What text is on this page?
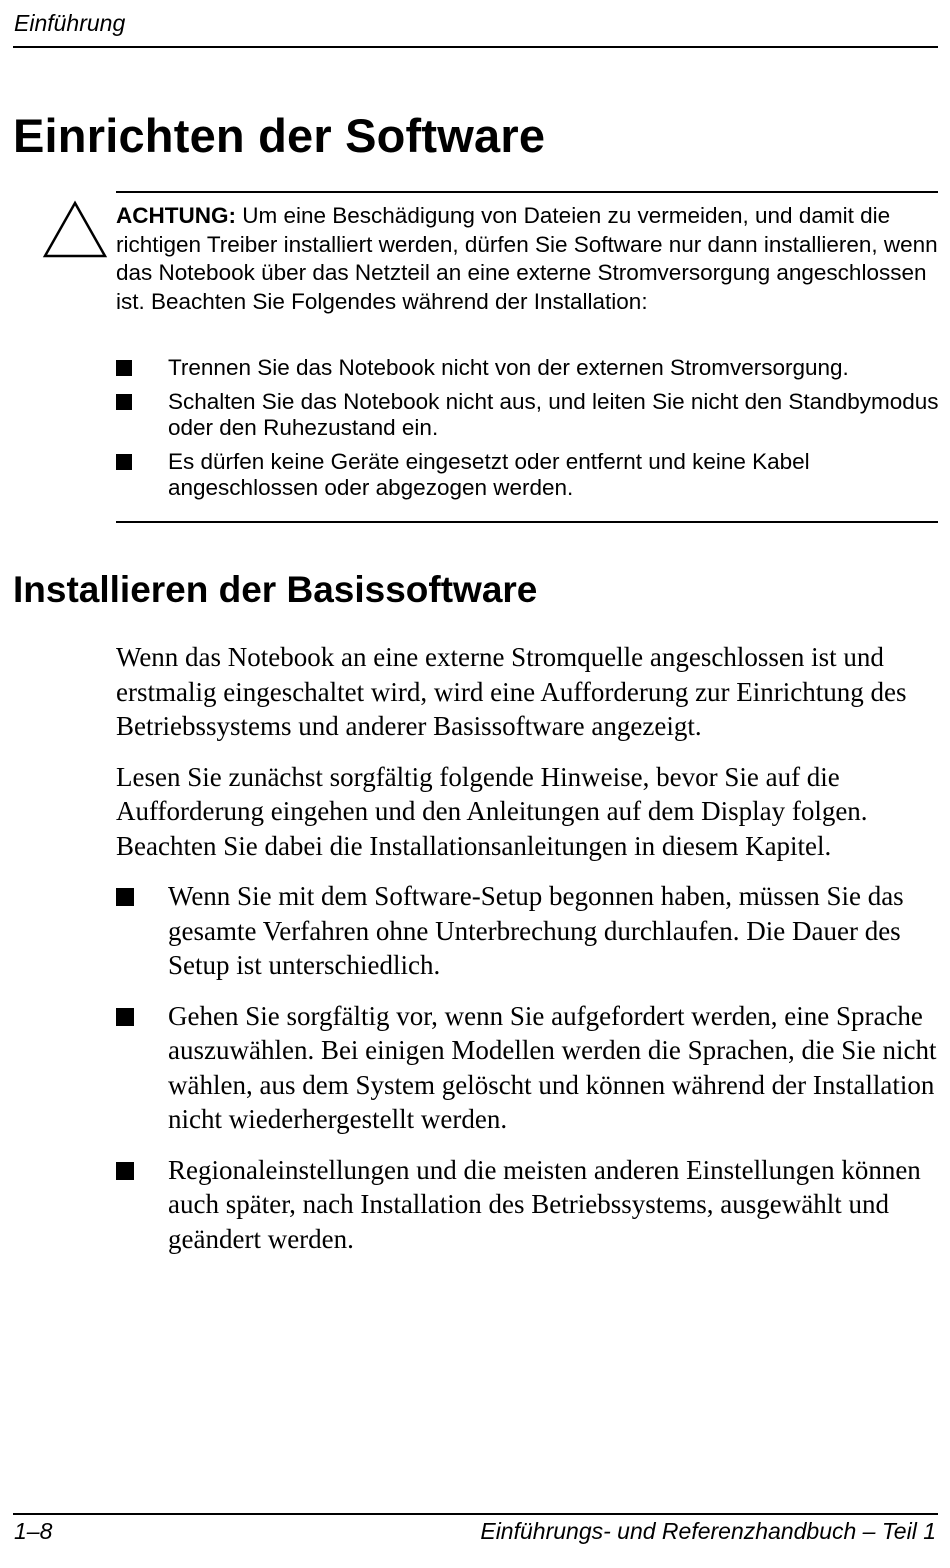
Einführung
Einrichten der Software
ACHTUNG: Um eine Beschädigung von Dateien zu vermeiden, und damit die richtigen Treiber installiert werden, dürfen Sie Software nur dann installieren, wenn das Notebook über das Netzteil an eine externe Stromversorgung angeschlossen ist. Beachten Sie Folgendes während der Installation:
Trennen Sie das Notebook nicht von der externen Stromversorgung.
Schalten Sie das Notebook nicht aus, und leiten Sie nicht den Standbymodus oder den Ruhezustand ein.
Es dürfen keine Geräte eingesetzt oder entfernt und keine Kabel angeschlossen oder abgezogen werden.
Installieren der Basissoftware

Wenn das Notebook an eine externe Stromquelle angeschlossen ist und erstmalig eingeschaltet wird, wird eine Aufforderung zur Einrichtung des Betriebssystems und anderer Basissoftware angezeigt.

Lesen Sie zunächst sorgfältig folgende Hinweise, bevor Sie auf die Aufforderung eingehen und den Anleitungen auf dem Display folgen. Beachten Sie dabei die Installationsanleitungen in diesem Kapitel.

Wenn Sie mit dem Software-Setup begonnen haben, müssen Sie das gesamte Verfahren ohne Unterbrechung durchlaufen. Die Dauer des Setup ist unterschiedlich.
Gehen Sie sorgfältig vor, wenn Sie aufgefordert werden, eine Sprache auszuwählen. Bei einigen Modellen werden die Sprachen, die Sie nicht wählen, aus dem System gelöscht und können während der Installation nicht wiederhergestellt werden.
Regionaleinstellungen und die meisten anderen Einstellungen können auch später, nach Installation des Betriebssystems, ausgewählt und geändert werden.
1–8	Einführungs- und Referenzhandbuch – Teil 1
